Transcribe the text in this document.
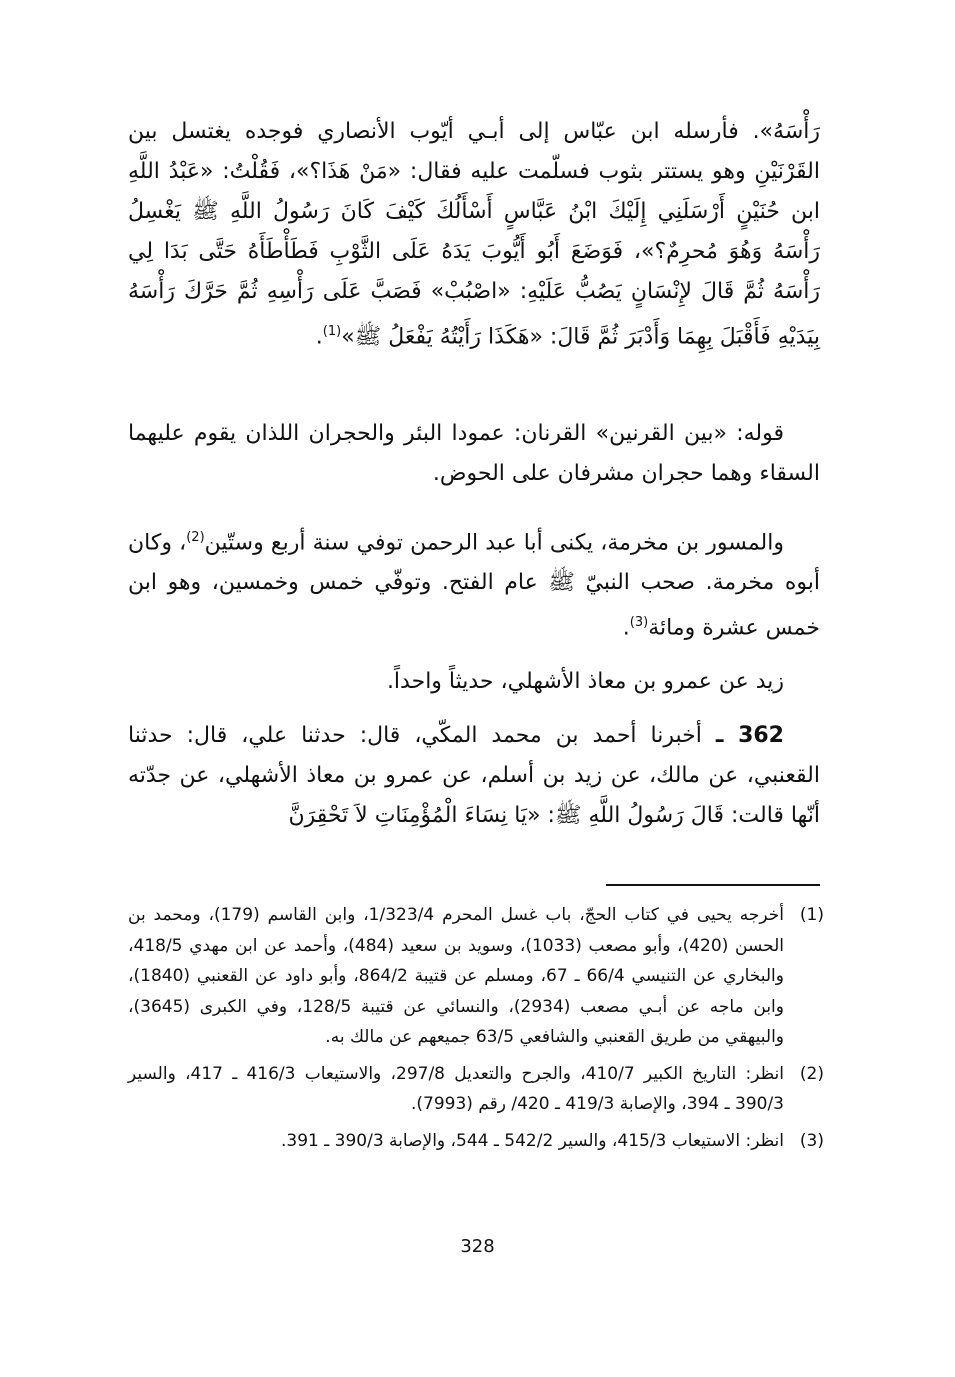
رَأْسَهُ». فأرسله ابن عبّاس إلى أبـي أيّوب الأنصاري فوجده يغتسل بين القَرْنَيْنِ وهو يستتر بثوب فسلّمت عليه فقال: «مَنْ هَذَا؟»، فَقُلْتُ: «عَبْدُ اللَّهِ ابن حُنَيْنٍ أَرْسَلَنِي إِلَيْكَ ابْنُ عَبَّاسٍ أَسْأَلُكَ كَيْفَ كَانَ رَسُولُ اللَّهِ ﷺ يَغْسِلُ رَأْسَهُ وَهُوَ مُحرِمٌ؟»، فَوَضَعَ أَبُو أَيُّوبَ يَدَهُ عَلَى الثَّوْبِ فَطَأْطَأَهُ حَتَّى بَدَا لِي رَأْسَهُ ثُمَّ قَالَ لإِنْسَانٍ يَصُبُّ عَلَيْهِ: «اصْبُبْ» فَصَبَّ عَلَى رَأْسِهِ ثُمَّ حَرَّكَ رَأْسَهُ بِيَدَيْهِ فَأَقْبَلَ بِهِمَا وَأَدْبَرَ ثُمَّ قَالَ: «هَكَذَا رَأَيْتُهُ يَفْعَلُ ﷺ»$^{(1)}$.

قوله: «بين القرنين» القرنان: عمودا البئر والحجران اللذان يقوم عليهما السقاء وهما حجران مشرفان على الحوض.

والمسور بن مخرمة، يكنى أبا عبد الرحمن توفي سنة أربع وستّين$^{(2)}$، وكان أبوه مخرمة. صحب النبيّ ﷺ عام الفتح. وتوفّي خمس وخمسين، وهو ابن خمس عشرة ومائة$^{(3)}$.

زيد عن عمرو بن معاذ الأشهلي، حديثاً واحداً.

362 ـ أخبرنا أحمد بن محمد المكّي، قال: حدثنا علي، قال: حدثنا القعنبي، عن مالك، عن زيد بن أسلم، عن عمرو بن معاذ الأشهلي، عن جدّته أنّها قالت: قَالَ رَسُولُ اللَّهِ ﷺ: «يَا نِسَاءَ الْمُؤْمِنَاتِ لاَ تَحْقِرَنَّ

(1)
أخرجه يحيى في كتاب الحجّ، باب غسل المحرم 1/323/4، وابن القاسم (179)، ومحمد بن الحسن (420)، وأبو مصعب (1033)، وسويد بن سعيد (484)، وأحمد عن ابن مهدي 418/5، والبخاري عن التنيسي 66/4 ـ 67، ومسلم عن قتيبة 864/2، وأبو داود عن القعنبي (1840)، وابن ماجه عن أبـي مصعب (2934)، والنسائي عن قتيبة 128/5، وفي الكبرى (3645)، والبيهقي من طريق القعنبي والشافعي 63/5 جميعهم عن مالك به.
(2)
انظر: التاريخ الكبير 410/7، والجرح والتعديل 297/8، والاستيعاب 416/3 ـ 417، والسير 390/3 ـ 394، والإصابة 419/3 ـ 420/ رقم (7993).
(3)
انظر: الاستيعاب 415/3، والسير 542/2 ـ 544، والإصابة 390/3 ـ 391.
328
